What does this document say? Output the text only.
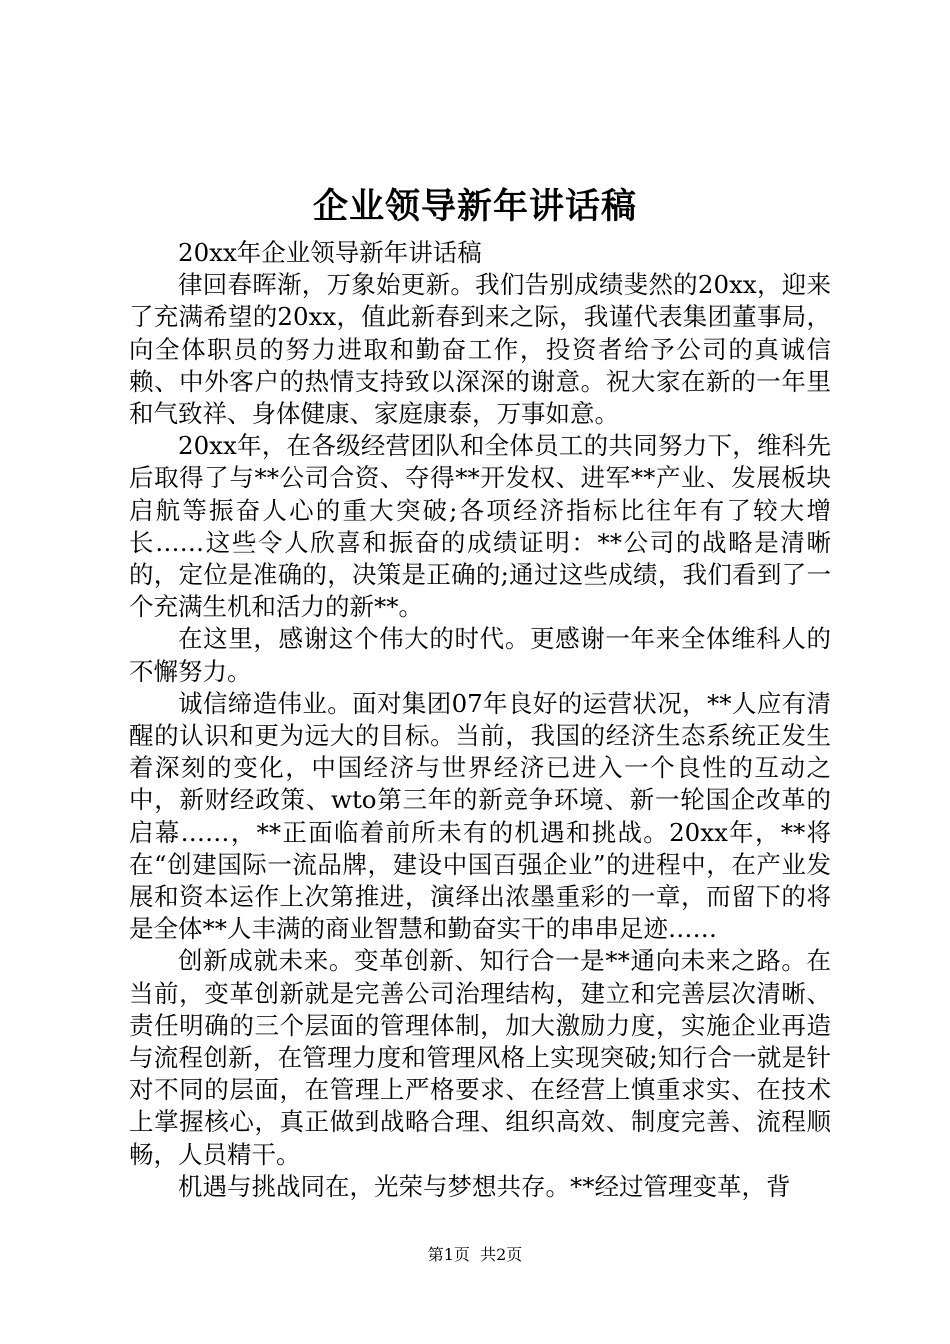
企业领导新年讲话稿

20xx年企业领导新年讲话稿

律回春晖渐，万象始更新。我们告别成绩斐然的20xx，迎来了充满希望的20xx，值此新春到来之际，我谨代表集团董事局，向全体职员的努力进取和勤奋工作，投资者给予公司的真诚信赖、中外客户的热情支持致以深深的谢意。祝大家在新的一年里和气致祥、身体健康、家庭康泰，万事如意。

20xx年，在各级经营团队和全体员工的共同努力下，维科先后取得了与**公司合资、夺得**开发权、进军**产业、发展板块启航等振奋人心的重大突破;各项经济指标比往年有了较大增长……这些令人欣喜和振奋的成绩证明：**公司的战略是清晰的，定位是准确的，决策是正确的;通过这些成绩，我们看到了一个充满生机和活力的新**。

在这里，感谢这个伟大的时代。更感谢一年来全体维科人的不懈努力。

诚信缔造伟业。面对集团07年良好的运营状况，**人应有清醒的认识和更为远大的目标。当前，我国的经济生态系统正发生着深刻的变化，中国经济与世界经济已进入一个良性的互动之中，新财经政策、wto第三年的新竞争环境、新一轮国企改革的启幕……，**正面临着前所未有的机遇和挑战。20xx年，**将在“创建国际一流品牌，建设中国百强企业”的进程中，在产业发展和资本运作上次第推进，演绎出浓墨重彩的一章，而留下的将是全体**人丰满的商业智慧和勤奋实干的串串足迹……

创新成就未来。变革创新、知行合一是**通向未来之路。在当前，变革创新就是完善公司治理结构，建立和完善层次清晰、责任明确的三个层面的管理体制，加大激励力度，实施企业再造与流程创新，在管理力度和管理风格上实现突破;知行合一就是针对不同的层面，在管理上严格要求、在经营上慎重求实、在技术上掌握核心，真正做到战略合理、组织高效、制度完善、流程顺畅，人员精干。

机遇与挑战同在，光荣与梦想共存。**经过管理变革，背

第1页  共2页
